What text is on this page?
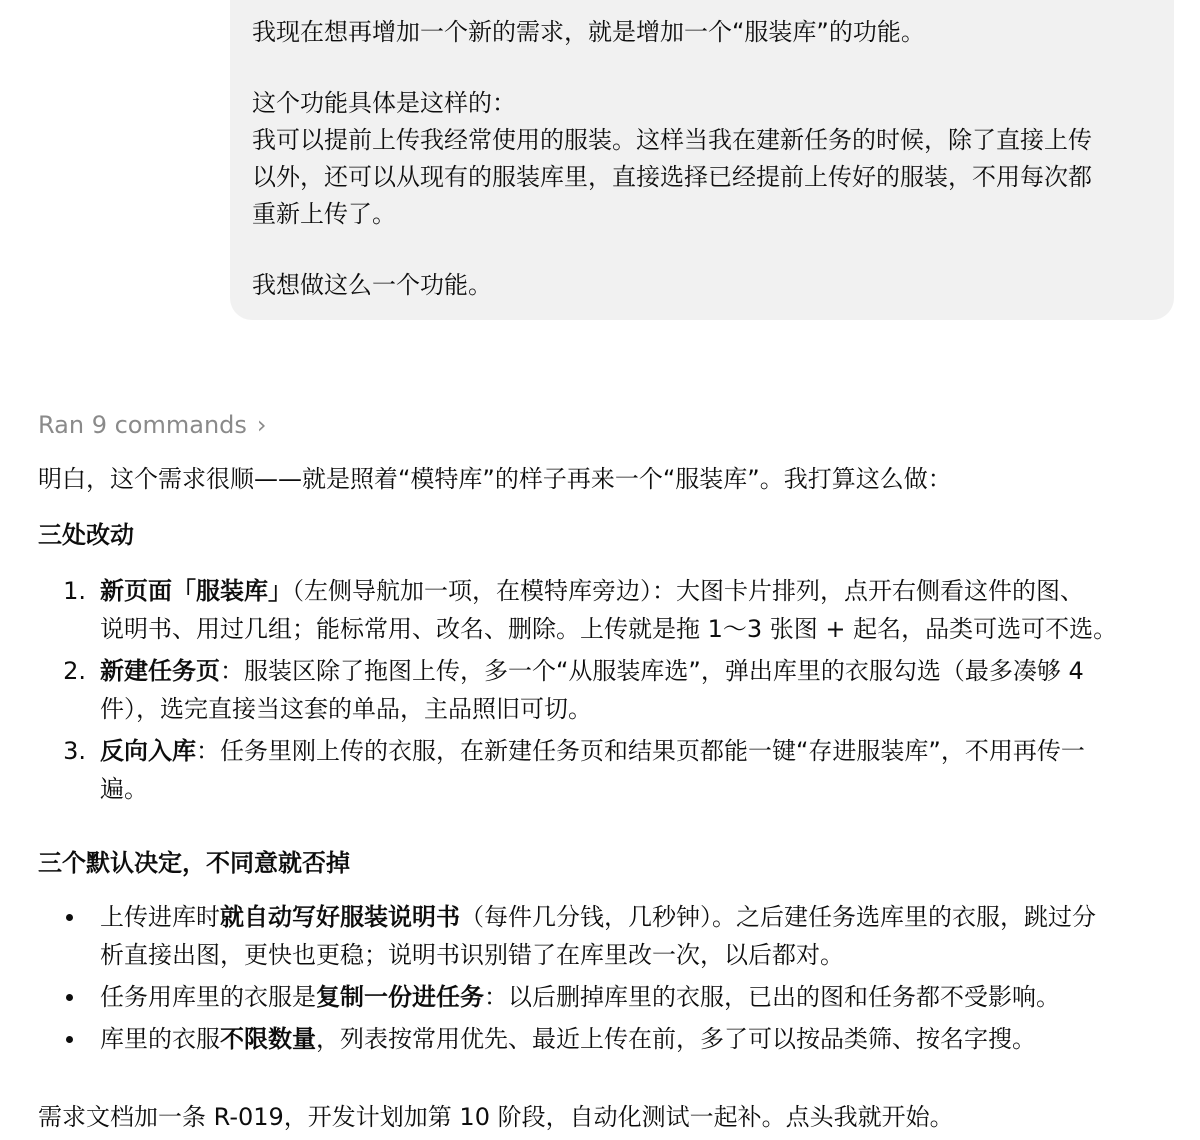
我现在想再增加一个新的需求，就是增加一个“服装库”的功能。

这个功能具体是这样的：

我可以提前上传我经常使用的服装。这样当我在建新任务的时候，除了直接上传

以外，还可以从现有的服装库里，直接选择已经提前上传好的服装，不用每次都

重新上传了。

我想做这么一个功能。

Ran 9 commands ›

明白，这个需求很顺——就是照着“模特库”的样子再来一个“服装库”。我打算这么做：

三处改动
1. 新页面「服装库」（左侧导航加一项，在模特库旁边）：大图卡片排列，点开右侧看这件的图、
说明书、用过几组；能标常用、改名、删除。上传就是拖 1～3 张图 + 起名，品类可选可不选。
2. 新建任务页：服装区除了拖图上传，多一个“从服装库选”，弹出库里的衣服勾选（最多凑够 4
件），选完直接当这套的单品，主品照旧可切。
3. 反向入库：任务里刚上传的衣服，在新建任务页和结果页都能一键“存进服装库”，不用再传一
遍。
三个默认决定，不同意就否掉
上传进库时就自动写好服装说明书（每件几分钱，几秒钟）。之后建任务选库里的衣服，跳过分
析直接出图，更快也更稳；说明书识别错了在库里改一次，以后都对。
任务用库里的衣服是复制一份进任务：以后删掉库里的衣服，已出的图和任务都不受影响。
库里的衣服不限数量，列表按常用优先、最近上传在前，多了可以按品类筛、按名字搜。

需求文档加一条 R-019，开发计划加第 10 阶段，自动化测试一起补。点头我就开始。
